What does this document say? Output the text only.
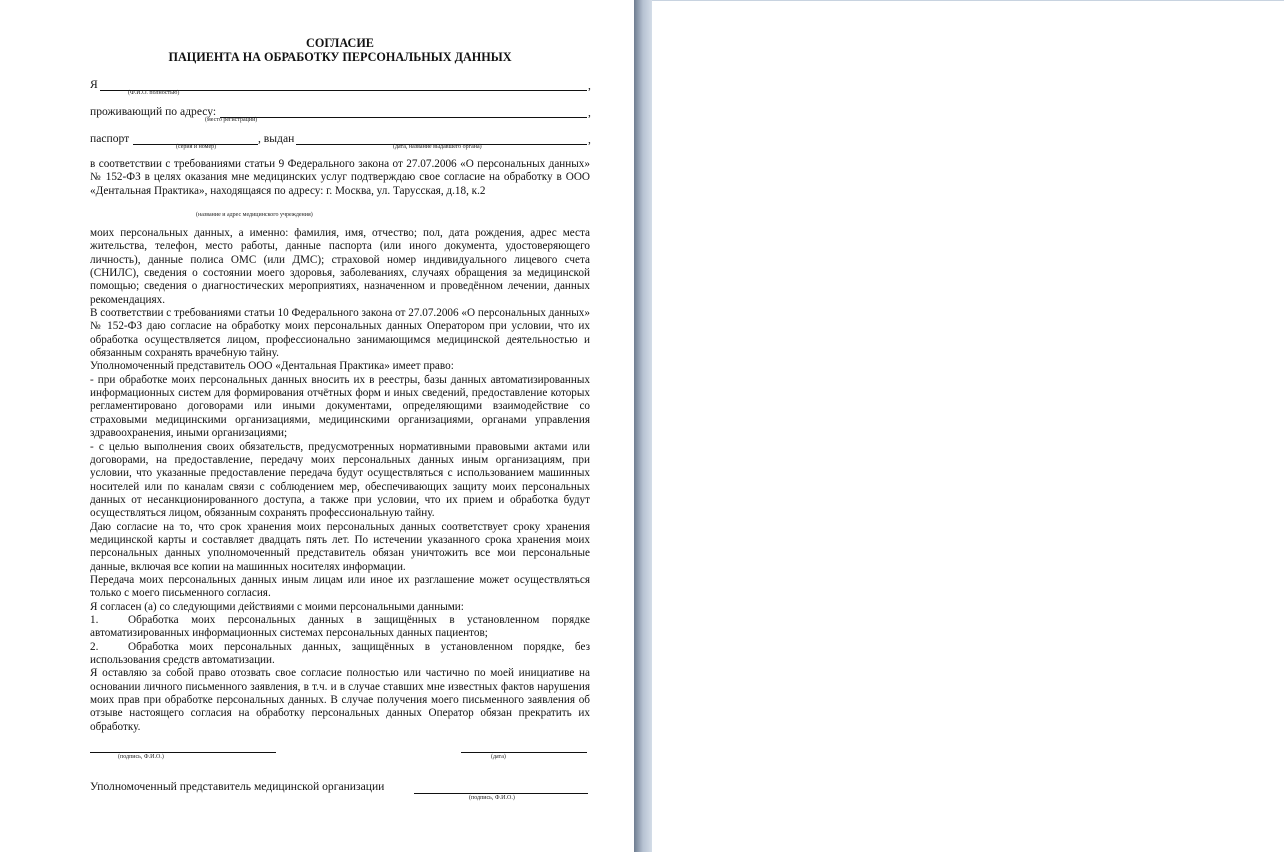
СОГЛАСИЕ
ПАЦИЕНТА НА ОБРАБОТКУ ПЕРСОНАЛЬНЫХ ДАННЫХ
Я	,
(Ф.И.О. полностью)
проживающий по адресу:	,
(место регистрации)
паспорт	, выдан	,
(серия и номер)	(дата, название выдавшего органа)

в соответствии с требованиями статьи 9 Федерального закона от 27.07.2006 «О персональных данных» № 152-ФЗ в целях оказания мне медицинских услуг подтверждаю свое согласие на обработку в ООО «Дентальная Практика», находящаяся по адресу: г. Москва, ул. Тарусская, д.18, к.2

(название и адрес медицинского учреждения)

моих персональных данных, а именно: фамилия, имя, отчество; пол, дата рождения, адрес места жительства, телефон, место работы, данные паспорта (или иного документа, удостоверяющего личность), данные полиса ОМС (или ДМС); страховой номер индивидуального лицевого счета (СНИЛС), сведения о состоянии моего здоровья, заболеваниях, случаях обращения за медицинской помощью; сведения о диагностических мероприятиях, назначенном и проведённом лечении, данных рекомендациях.

В соответствии с требованиями статьи 10 Федерального закона от 27.07.2006 «О персональных данных» № 152-ФЗ даю согласие на обработку моих персональных данных Оператором при условии, что их обработка осуществляется лицом, профессионально занимающимся медицинской деятельностью и обязанным сохранять врачебную тайну.

Уполномоченный представитель ООО «Дентальная Практика» имеет право:

- при обработке моих персональных данных вносить их в реестры, базы данных автоматизированных информационных систем для формирования отчётных форм и иных сведений, предоставление которых регламентировано договорами или иными документами, определяющими взаимодействие со страховыми медицинскими организациями, медицинскими организациями, органами управления здравоохранения, иными организациями;

- с целью выполнения своих обязательств, предусмотренных нормативными правовыми актами или договорами, на предоставление, передачу моих персональных данных иным организациям, при условии, что указанные предоставление передача будут осуществляться с использованием машинных носителей или по каналам связи с соблюдением мер, обеспечивающих защиту моих персональных данных от несанкционированного доступа, а также при условии, что их прием и обработка будут осуществляться лицом, обязанным сохранять профессиональную тайну.

Даю согласие на то, что срок хранения моих персональных данных соответствует сроку хранения медицинской карты и составляет двадцать пять лет. По истечении указанного срока хранения моих персональных данных уполномоченный представитель обязан уничтожить все мои персональные данные, включая все копии на машинных носителях информации.

Передача моих персональных данных иным лицам или иное их разглашение может осуществляться только с моего письменного согласия.

Я согласен (а) со следующими действиями с моими персональными данными:

1.	Обработка моих персональных данных в защищённых в установленном порядке автоматизированных информационных системах персональных данных пациентов;

2.	Обработка моих персональных данных, защищённых в установленном порядке, без использования средств автоматизации.

Я оставляю за собой право отозвать свое согласие полностью или частично по моей инициативе на основании личного письменного заявления, в т.ч. и в случае ставших мне известных фактов нарушения моих прав при обработке персональных данных. В случае получения моего письменного заявления об отзыве настоящего согласия на обработку персональных данных Оператор обязан прекратить их обработку.

(подпись, Ф.И.О.)	(дата)
Уполномоченный представитель медицинской организации
(подпись, Ф.И.О.)
